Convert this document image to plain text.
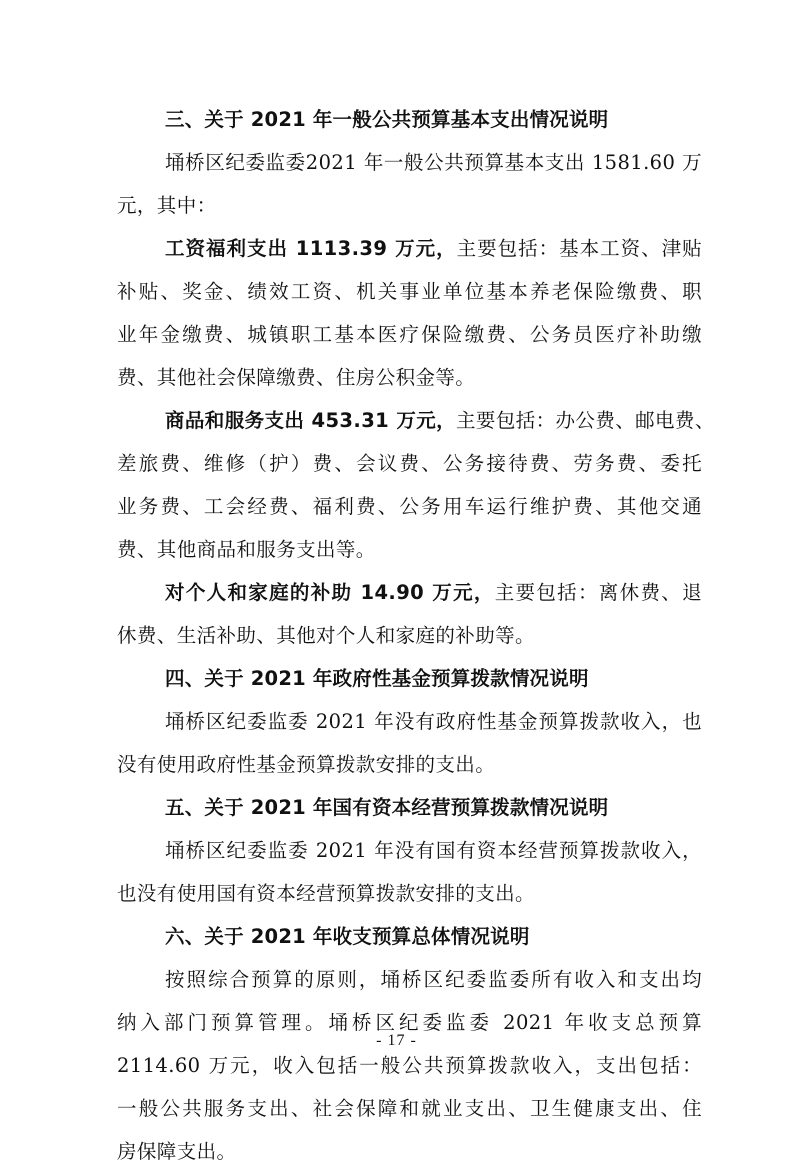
三、关于 2021 年一般公共预算基本支出情况说明
埇桥区纪委监委2021 年一般公共预算基本支出 1581.60 万
元，其中：
工资福利支出 1113.39 万元，主要包括：基本工资、津贴
补贴、奖金、绩效工资、机关事业单位基本养老保险缴费、职
业年金缴费、城镇职工基本医疗保险缴费、公务员医疗补助缴
费、其他社会保障缴费、住房公积金等。
商品和服务支出 453.31 万元，主要包括：办公费、邮电费、
差旅费、维修（护）费、会议费、公务接待费、劳务费、委托
业务费、工会经费、福利费、公务用车运行维护费、其他交通
费、其他商品和服务支出等。
对个人和家庭的补助 14.90 万元，主要包括：离休费、退
休费、生活补助、其他对个人和家庭的补助等。
四、关于 2021 年政府性基金预算拨款情况说明
埇桥区纪委监委 2021 年没有政府性基金预算拨款收入，也
没有使用政府性基金预算拨款安排的支出。
五、关于 2021 年国有资本经营预算拨款情况说明
埇桥区纪委监委 2021 年没有国有资本经营预算拨款收入，
也没有使用国有资本经营预算拨款安排的支出。
六、关于 2021 年收支预算总体情况说明
按照综合预算的原则，埇桥区纪委监委所有收入和支出均
纳入部门预算管理。埇桥区纪委监委 2021 年收支总预算
2114.60 万元，收入包括一般公共预算拨款收入，支出包括：
一般公共服务支出、社会保障和就业支出、卫生健康支出、住
房保障支出。
- 17 -
